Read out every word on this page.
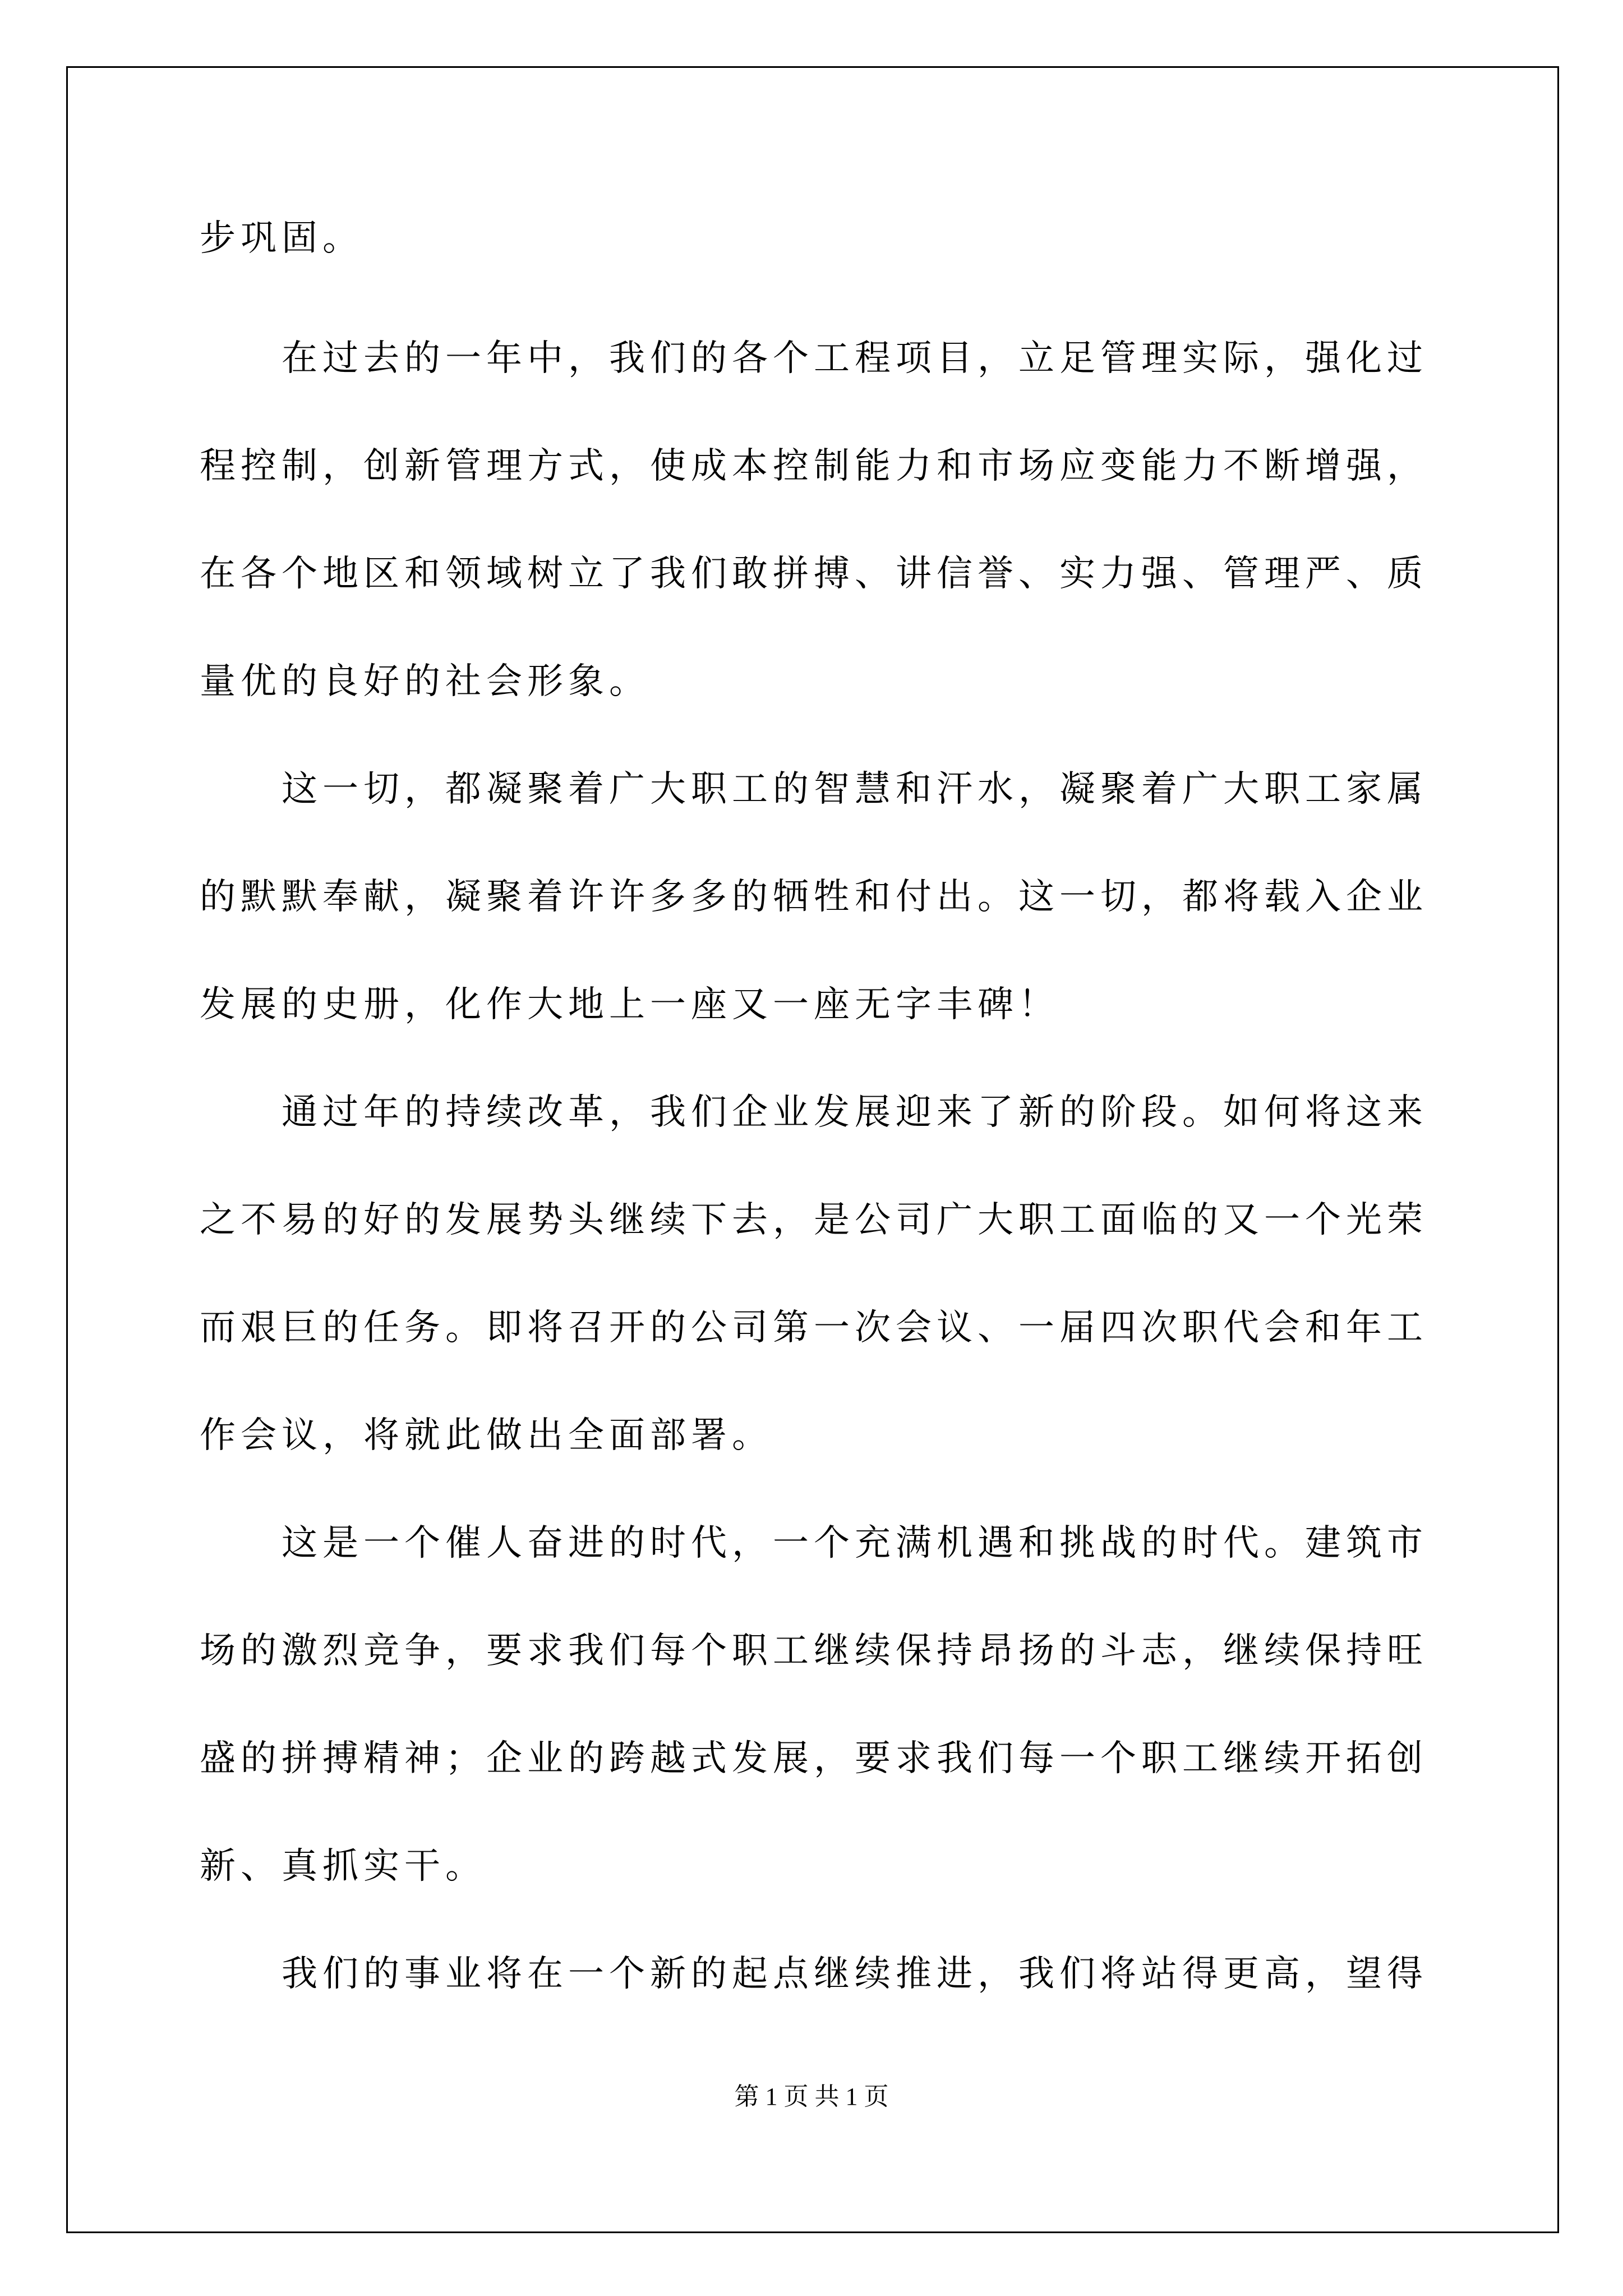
步巩固。
在过去的一年中，我们的各个工程项目，立足管理实际，强化过
程控制，创新管理方式，使成本控制能力和市场应变能力不断增强，
在各个地区和领域树立了我们敢拼搏、讲信誉、实力强、管理严、质
量优的良好的社会形象。
这一切，都凝聚着广大职工的智慧和汗水，凝聚着广大职工家属
的默默奉献，凝聚着许许多多的牺牲和付出。这一切，都将载入企业
发展的史册，化作大地上一座又一座无字丰碑！
通过年的持续改革，我们企业发展迎来了新的阶段。如何将这来
之不易的好的发展势头继续下去，是公司广大职工面临的又一个光荣
而艰巨的任务。即将召开的公司第一次会议、一届四次职代会和年工
作会议，将就此做出全面部署。
这是一个催人奋进的时代，一个充满机遇和挑战的时代。建筑市
场的激烈竞争，要求我们每个职工继续保持昂扬的斗志，继续保持旺
盛的拼搏精神；企业的跨越式发展，要求我们每一个职工继续开拓创
新、真抓实干。
我们的事业将在一个新的起点继续推进，我们将站得更高，望得
第 1 页 共 1 页
